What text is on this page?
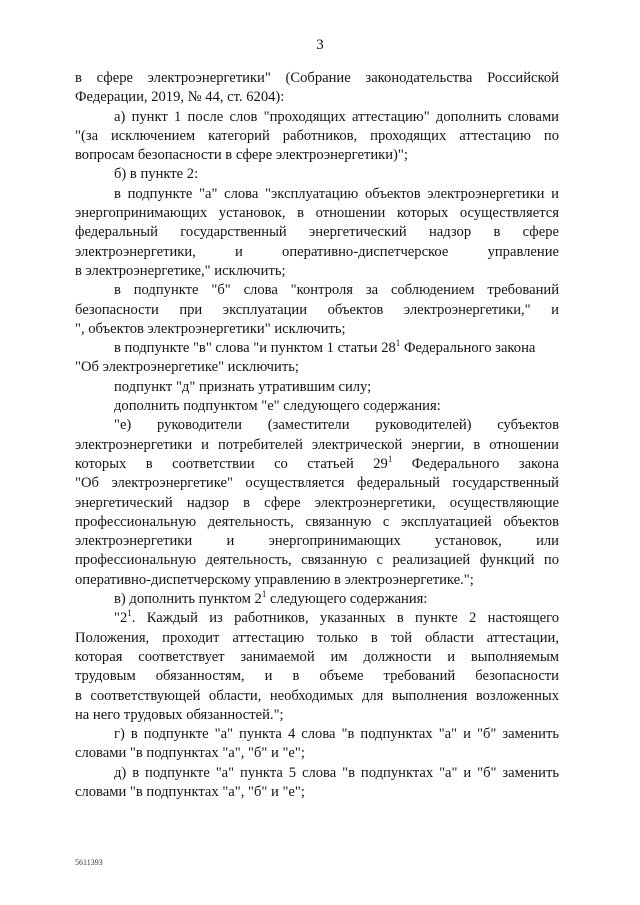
3
в сфере электроэнергетики" (Собрание законодательства Российской
Федерации, 2019, № 44, ст. 6204):
а) пункт 1 после слов "проходящих аттестацию" дополнить словами
"(за исключением категорий работников, проходящих аттестацию по
вопросам безопасности в сфере электроэнергетики)";
б) в пункте 2:
в подпункте "а" слова "эксплуатацию объектов электроэнергетики и
энергопринимающих установок, в отношении которых осуществляется
федеральный государственный энергетический надзор в сфере
электроэнергетики, и оперативно-диспетчерское управление
в электроэнергетике," исключить;
в подпункте "б" слова "контроля за соблюдением требований
безопасности при эксплуатации объектов электроэнергетики," и
", объектов электроэнергетики" исключить;
в подпункте "в" слова "и пунктом 1 статьи $28^1$ Федерального закона
"Об электроэнергетике" исключить;
подпункт "д" признать утратившим силу;
дополнить подпунктом "е" следующего содержания:
"е) руководители (заместители руководителей) субъектов
электроэнергетики и потребителей электрической энергии, в отношении
которых в соответствии со статьей $29^1$ Федерального закона
"Об электроэнергетике" осуществляется федеральный государственный
энергетический надзор в сфере электроэнергетики, осуществляющие
профессиональную деятельность, связанную с эксплуатацией объектов
электроэнергетики и энергопринимающих установок, или
профессиональную деятельность, связанную с реализацией функций по
оперативно-диспетчерскому управлению в электроэнергетике.";
в) дополнить пунктом $2^1$ следующего содержания:
"$2^1$. Каждый из работников, указанных в пункте 2 настоящего
Положения, проходит аттестацию только в той области аттестации,
которая соответствует занимаемой им должности и выполняемым
трудовым обязанностям, и в объеме требований безопасности
в соответствующей области, необходимых для выполнения возложенных
на него трудовых обязанностей.";
г) в подпункте "а" пункта 4 слова "в подпунктах "а" и "б" заменить
словами "в подпунктах "а", "б" и "е";
д) в подпункте "а" пункта 5 слова "в подпунктах "а" и "б" заменить
словами "в подпунктах "а", "б" и "е";
5611393
